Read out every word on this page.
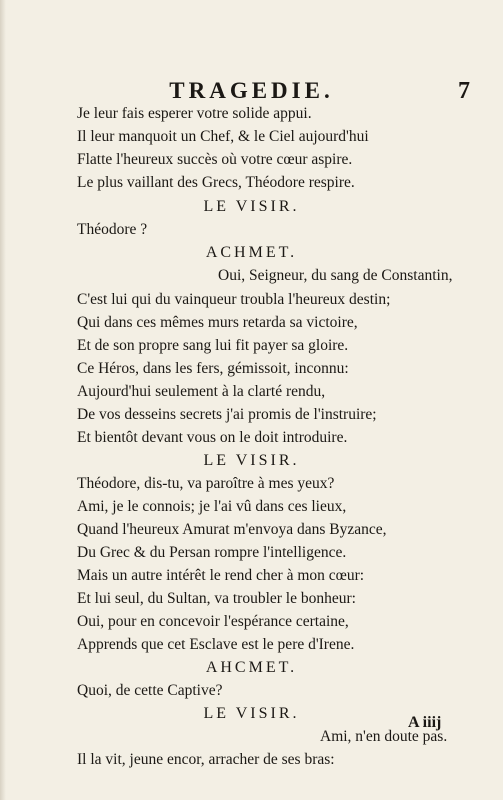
TRAGEDIE.	7
Je leur fais esperer votre solide appui.
Il leur manquoit un Chef, & le Ciel aujourd'hui
Flatte l'heureux succès où votre cœur aspire.
Le plus vaillant des Grecs, Théodore respire.
LE VISIR.
Théodore ?
ACHMET.
Oui, Seigneur, du sang de Constantin,
C'est lui qui du vainqueur troubla l'heureux destin;
Qui dans ces mêmes murs retarda sa victoire,
Et de son propre sang lui fit payer sa gloire.
Ce Héros, dans les fers, gémissoit, inconnu:
Aujourd'hui seulement à la clarté rendu,
De vos desseins secrets j'ai promis de l'instruire;
Et bientôt devant vous on le doit introduire.
LE VISIR.
Théodore, dis-tu, va paroître à mes yeux?
Ami, je le connois; je l'ai vû dans ces lieux,
Quand l'heureux Amurat m'envoya dans Byzance,
Du Grec & du Persan rompre l'intelligence.
Mais un autre intérêt le rend cher à mon cœur:
Et lui seul, du Sultan, va troubler le bonheur:
Oui, pour en concevoir l'espérance certaine,
Apprends que cet Esclave est le pere d'Irene.
AHCMET.
Quoi, de cette Captive?
LE VISIR.
Ami, n'en doute pas.
Il la vit, jeune encor, arracher de ses bras:
A iiij
